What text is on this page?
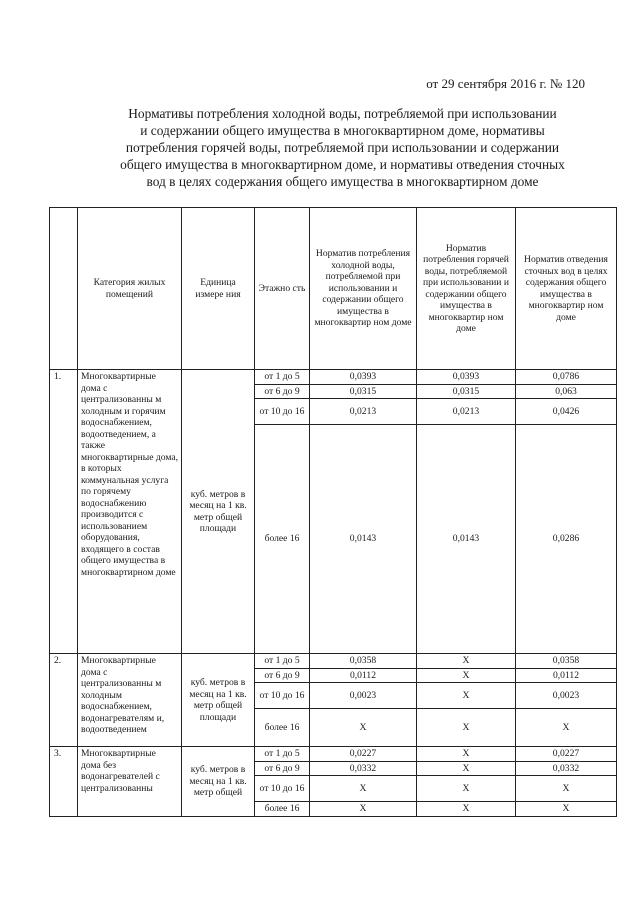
от 29 сентября 2016 г. № 120
Нормативы потребления холодной воды, потребляемой при использовании
и содержании общего имущества в многоквартирном доме, нормативы
потребления горячей воды, потребляемой при использовании и содержании
общего имущества в многоквартирном доме, и нормативы отведения сточных
вод в целях содержания общего имущества в многоквартирном доме
	Категория жилых помещений	Единица измере ния	Этажно сть	Норматив потребления холодной воды, потребляемой при использовании и содержании общего имущества в многоквартир ном доме	Норматив потребления горячей воды, потребляемой при использовании и содержании общего имущества в многоквартир ном доме	Норматив отведения сточных вод в целях содержания общего имущества в многоквартир ном доме
1.	Многоквартирные дома с централизованны м холодным и горячим водоснабжением, водоотведением, а также многоквартирные дома, в которых коммунальная услуга по горячему водоснабжению производится с использованием оборудования, входящего в состав общего имущества в многоквартирном доме	куб. метров в месяц на 1 кв. метр общей площади	от 1 до 5	0,0393	0,0393	0,0786
			от 6 до 9	0,0315	0,0315	0,063
			от 10 до 16	0,0213	0,0213	0,0426
			более 16	0,0143	0,0143	0,0286
2.	Многоквартирные дома с централизованны м холодным водоснабжением, водонагревателям и, водоотведением	куб. метров в месяц на 1 кв. метр общей площади	от 1 до 5	0,0358	X	0,0358
			от 6 до 9	0,0112	X	0,0112
			от 10 до 16	0,0023	X	0,0023
			более 16	X	X	X
3.	Многоквартирные дома без водонагревателей с централизованны	куб. метров в месяц на 1 кв. метр общей	от 1 до 5	0,0227	X	0,0227
			от 6 до 9	0,0332	X	0,0332
			от 10 до 16	X	X	X
			более 16	X	X	X
